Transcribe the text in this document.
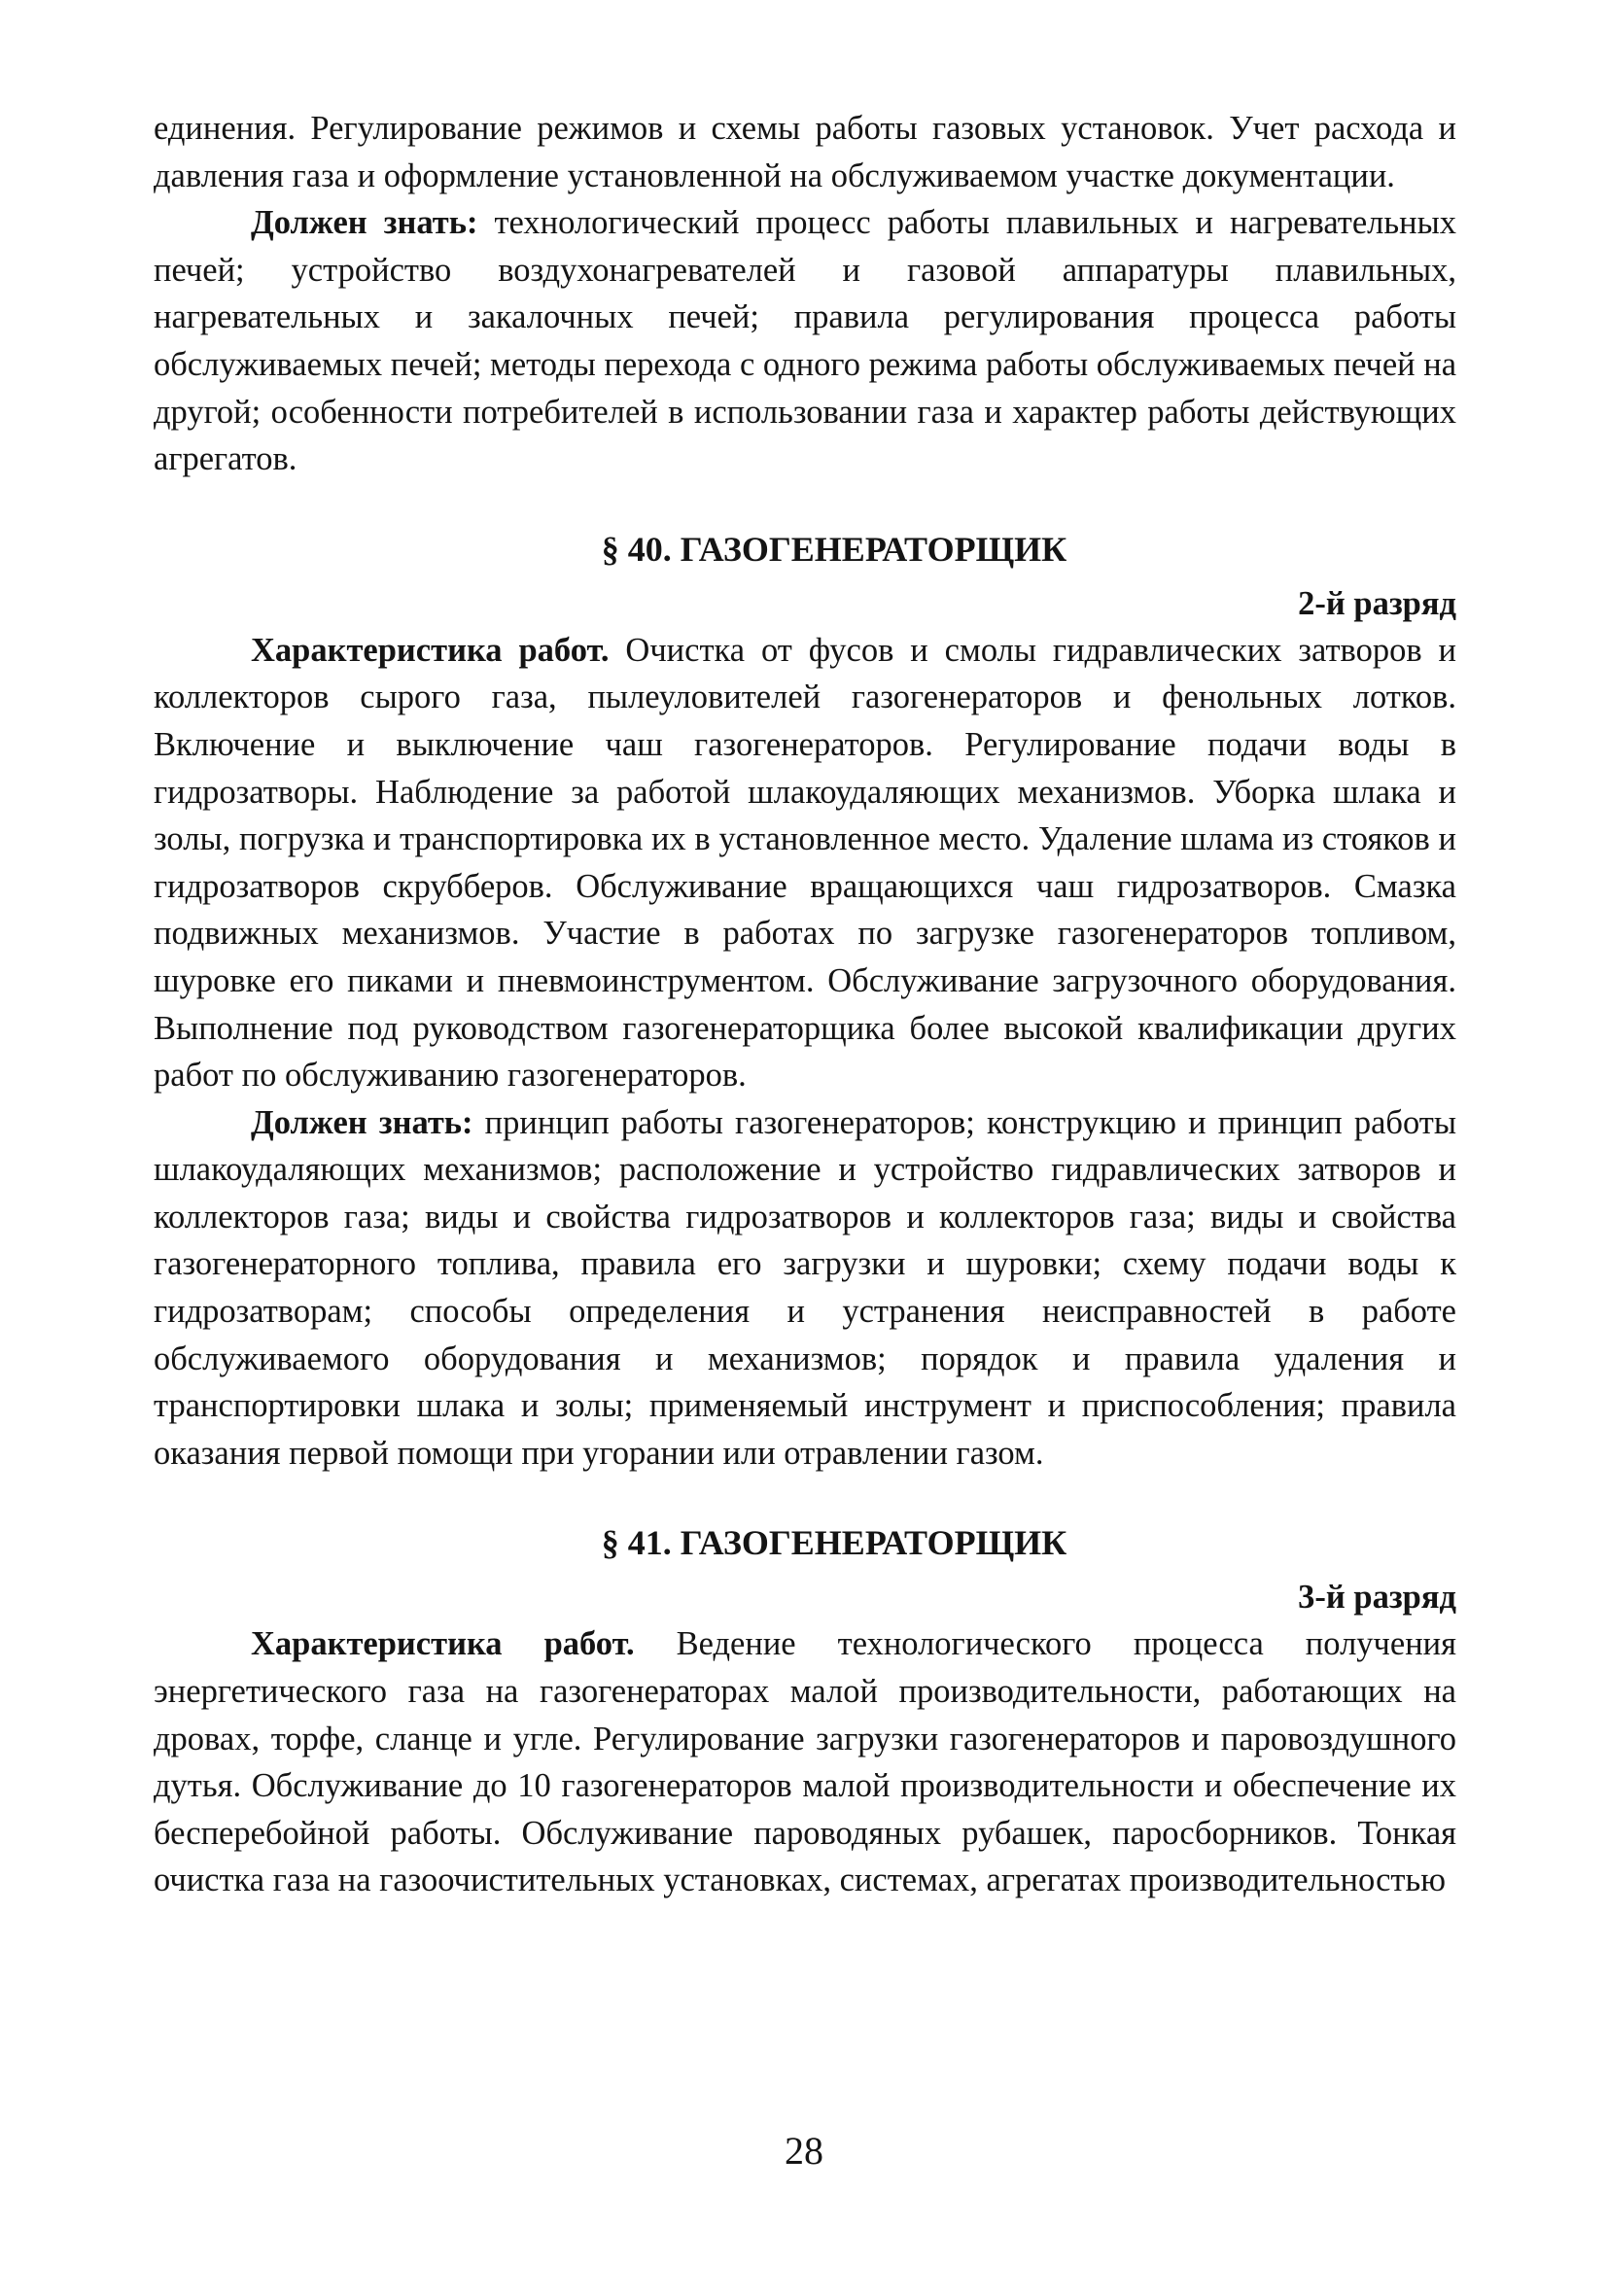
единения. Регулирование режимов и схемы работы газовых установок. Учет расхода и давления газа и оформление установленной на обслуживаемом участке документации.

Должен знать: технологический процесс работы плавильных и нагревательных печей; устройство воздухонагревателей и газовой аппаратуры плавильных, нагревательных и закалочных печей; правила регулирования процесса работы обслуживаемых печей; методы перехода с одного режима работы обслуживаемых печей на другой; особенности потребителей в использовании газа и характер работы действующих агрегатов.

§ 40. ГАЗОГЕНЕРАТОРЩИК

2-й разряд

Характеристика работ. Очистка от фусов и смолы гидравлических затворов и коллекторов сырого газа, пылеуловителей газогенераторов и фенольных лотков. Включение и выключение чаш газогенераторов. Регулирование подачи воды в гидрозатворы. Наблюдение за работой шлакоудаляющих механизмов. Уборка шлака и золы, погрузка и транспортировка их в установленное место. Удаление шлама из стояков и гидрозатворов скрубберов. Обслуживание вращающихся чаш гидрозатворов. Смазка подвижных механизмов. Участие в работах по загрузке газогенераторов топливом, шуровке его пиками и пневмоинструментом. Обслуживание загрузочного оборудования. Выполнение под руководством газогенераторщика более высокой квалификации других работ по обслуживанию газогенераторов.

Должен знать: принцип работы газогенераторов; конструкцию и принцип работы шлакоудаляющих механизмов; расположение и устройство гидравлических затворов и коллекторов газа; виды и свойства гидрозатворов и коллекторов газа; виды и свойства газогенераторного топлива, правила его загрузки и шуровки; схему подачи воды к гидрозатворам; способы определения и устранения неисправностей в работе обслуживаемого оборудования и механизмов; порядок и правила удаления и транспортировки шлака и золы; применяемый инструмент и приспособления; правила оказания первой помощи при угорании или отравлении газом.

§ 41. ГАЗОГЕНЕРАТОРЩИК

3-й разряд

Характеристика работ. Ведение технологического процесса получения энергетического газа на газогенераторах малой производительности, работающих на дровах, торфе, сланце и угле. Регулирование загрузки газогенераторов и паровоздушного дутья. Обслуживание до 10 газогенераторов малой производительности и обеспечение их бесперебойной работы. Обслуживание пароводяных рубашек, паросборников. Тонкая очистка газа на газоочистительных установках, системах, агрегатах производительностью

28
